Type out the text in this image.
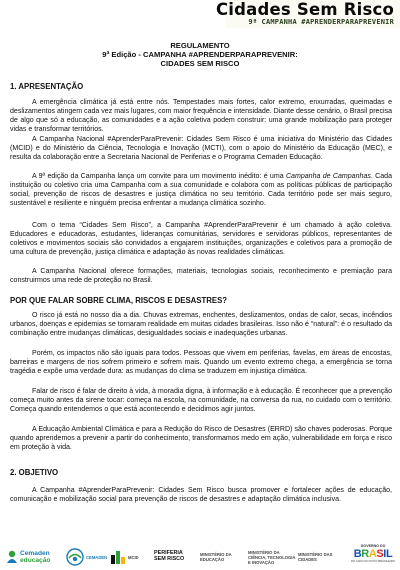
Cidades Sem Risco
9ª CAMPANHA #APRENDERPARAPREVENIR
REGULAMENTO
9ª Edição - CAMPANHA #APRENDERPARAPREVENIR:
CIDADES SEM RISCO
1. APRESENTAÇÃO

A emergência climática já está entre nós. Tempestades mais fortes, calor extremo, enxurradas, queimadas e deslizamentos atingem cada vez mais lugares, com maior frequência e intensidade. Diante desse cenário, o Brasil precisa de algo que só a educação, as comunidades e a ação coletiva podem construir: uma grande mobilização para proteger vidas e transformar territórios.

A Campanha Nacional #AprenderParaPrevenir: Cidades Sem Risco é uma iniciativa do Ministério das Cidades (MCID) e do Ministério da Ciência, Tecnologia e Inovação (MCTI), com o apoio do Ministério da Educação (MEC), e resulta da colaboração entre a Secretaria Nacional de Periferias e o Programa Cemaden Educação.

A 9ª edição da Campanha lança um convite para um movimento inédito: é uma Campanha de Campanhas. Cada instituição ou coletivo cria uma Campanha com a sua comunidade e colabora com as políticas públicas de participação social, prevenção de riscos de desastres e justiça climática no seu território. Cada território pode ser mais seguro, sustentável e resiliente e ninguém precisa enfrentar a mudança climática sozinho.

Com o tema “Cidades Sem Risco”, a Campanha #AprenderParaPrevenir é um chamado à ação coletiva. Educadores e educadoras, estudantes, lideranças comunitárias, servidores e servidoras públicos, representantes de coletivos e movimentos sociais são convidados a engajarem instituições, organizações e coletivos para a promoção de uma cultura de prevenção, justiça climática e adaptação às novas realidades climáticas.

A Campanha Nacional oferece formações, materiais, tecnologias sociais, reconhecimento e premiação para construirmos uma rede de proteção no Brasil.

POR QUE FALAR SOBRE CLIMA, RISCOS E DESASTRES?

O risco já está no nosso dia a dia. Chuvas extremas, enchentes, deslizamentos, ondas de calor, secas, incêndios urbanos, doenças e epidemias se tornaram realidade em muitas cidades brasileiras. Isso não é “natural”: é o resultado da combinação entre mudanças climáticas, desigualdades sociais e inadequações urbanas.

Porém, os impactos não são iguais para todos. Pessoas que vivem em periferias, favelas, em áreas de encostas, barreiras e margens de rios sofrem primeiro e sofrem mais. Quando um evento extremo chega, a emergência se torna tragédia e expõe uma verdade dura: as mudanças do clima se traduzem em injustiça climática.

Falar de risco é falar de direito à vida, à moradia digna, à informação e à educação. É reconhecer que a prevenção começa muito antes da sirene tocar: começa na escola, na comunidade, na conversa da rua, no cuidado com o território. Começa quando entendemos o que está acontecendo e decidimos agir juntos.

A Educação Ambiental Climática e para a Redução do Risco de Desastres (ERRD) são chaves poderosas. Porque quando aprendemos a prevenir a partir do conhecimento, transformamos medo em ação, vulnerabilidade em força e risco em proteção à vida.

2. OBJETIVO

A Campanha #AprenderParaPrevenir: Cidades Sem Risco busca promover e fortalecer ações de educação, comunicação e mobilização social para prevenção de riscos de desastres e adaptação climática inclusiva.

Cemaden
educação	CEMADEN	MCID
PERIFERIA
SEM RISCO
MINISTÉRIO DA
EDUCAÇÃO
MINISTÉRIO DA
CIÊNCIA, TECNOLOGIA
E INOVAÇÃO
MINISTÉRIO DAS
CIDADES
GOVERNO DO
BRASIL
DO LADO DO POVO BRASILEIRO
